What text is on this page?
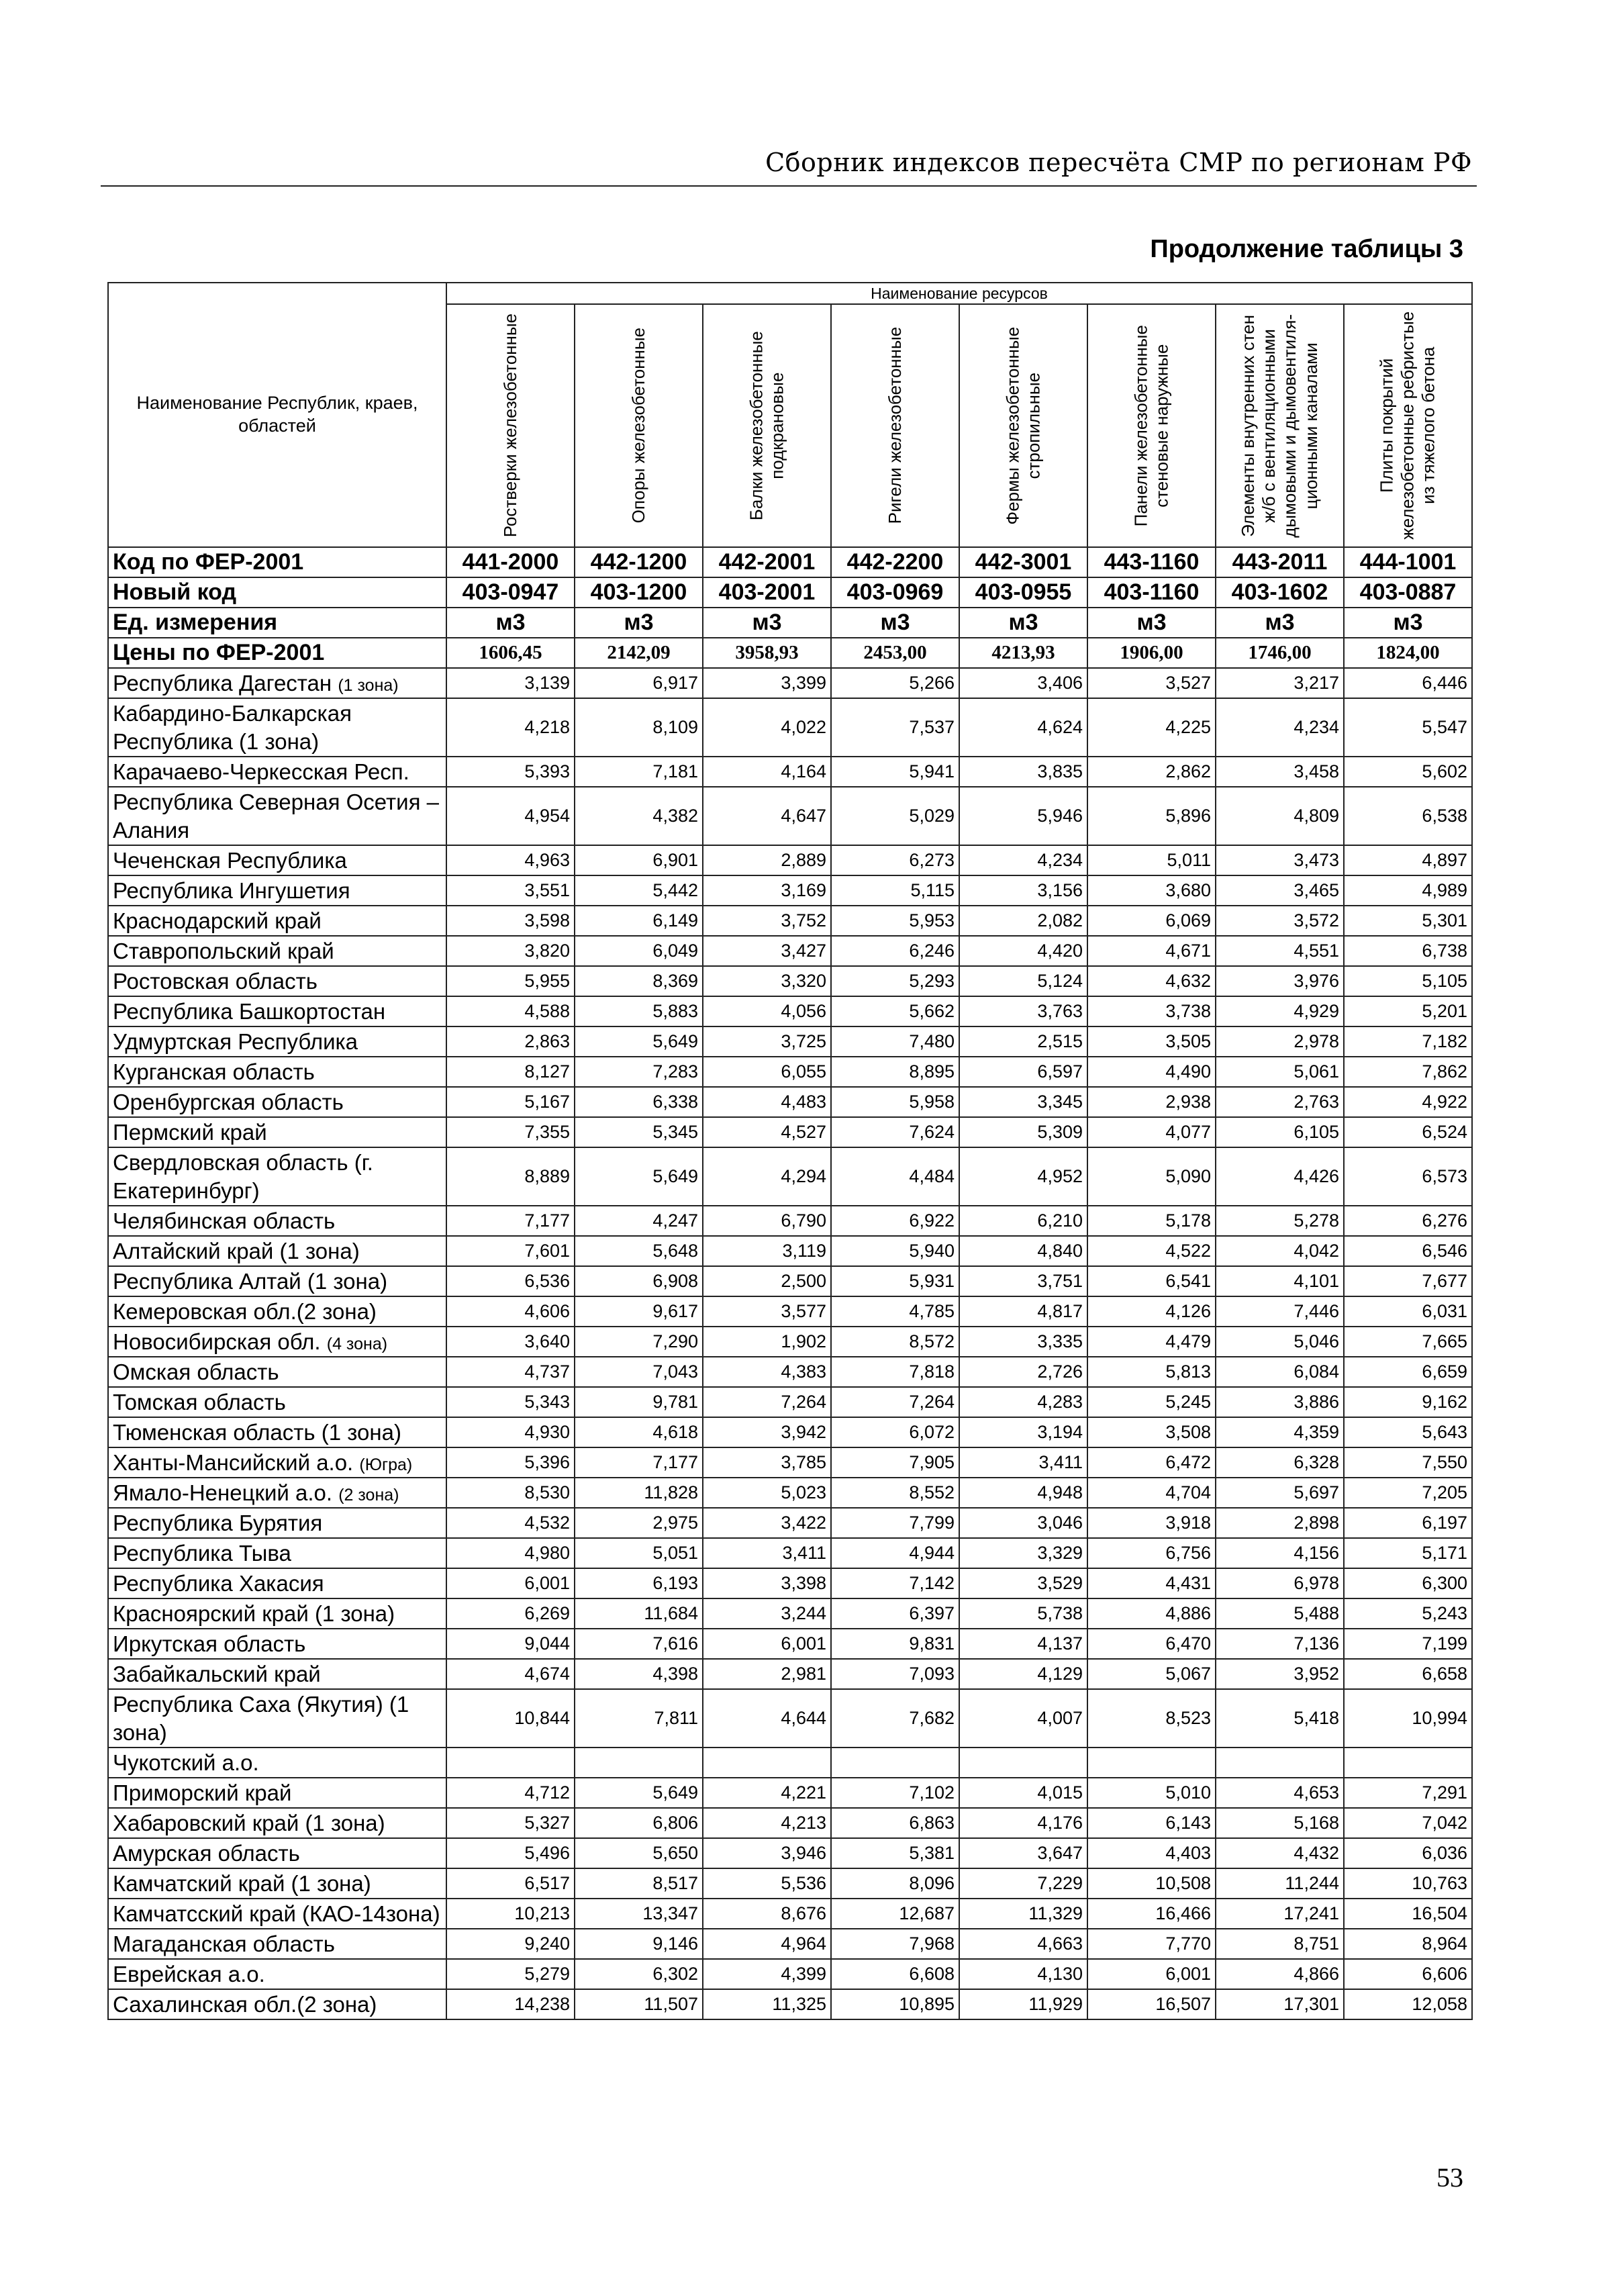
Сборник индексов пересчёта СМР по регионам РФ
Продолжение таблицы 3
Наименование Республик, краев, областей	Наименование ресурсов							

	Ростверки железобетонные	Опоры железобетонные	Балки железобетонные подкрановые	Ригели железобетонные	Фермы железобетонные стропильные	Панели железобетонные стеновые наружные	Элементы внутренних стен ж/б с вентиляционными дымовыми и дымовентиля-ционными каналами	Плиты покрытий железобетонные ребристые из тяжелого бетона

Код по ФЕР-2001	441-2000	442-1200	442-2001	442-2200	442-3001	443-1160	443-2011	444-1001
Новый код	403-0947	403-1200	403-2001	403-0969	403-0955	403-1160	403-1602	403-0887
Ед. измерения	м3	м3	м3	м3	м3	м3	м3	м3
Цены по ФЕР-2001	1606,45	2142,09	3958,93	2453,00	4213,93	1906,00	1746,00	1824,00
Республика Дагестан (1 зона)	3,139	6,917	3,399	5,266	3,406	3,527	3,217	6,446
Кабардино-Балкарская Республика (1 зона)	4,218	8,109	4,022	7,537	4,624	4,225	4,234	5,547
Карачаево-Черкесская Респ.	5,393	7,181	4,164	5,941	3,835	2,862	3,458	5,602
Республика Северная Осетия – Алания	4,954	4,382	4,647	5,029	5,946	5,896	4,809	6,538
Чеченская Республика	4,963	6,901	2,889	6,273	4,234	5,011	3,473	4,897
Республика Ингушетия	3,551	5,442	3,169	5,115	3,156	3,680	3,465	4,989
Краснодарский край	3,598	6,149	3,752	5,953	2,082	6,069	3,572	5,301
Ставропольский край	3,820	6,049	3,427	6,246	4,420	4,671	4,551	6,738
Ростовская область	5,955	8,369	3,320	5,293	5,124	4,632	3,976	5,105
Республика Башкортостан	4,588	5,883	4,056	5,662	3,763	3,738	4,929	5,201
Удмуртская Республика	2,863	5,649	3,725	7,480	2,515	3,505	2,978	7,182
Курганская область	8,127	7,283	6,055	8,895	6,597	4,490	5,061	7,862
Оренбургская область	5,167	6,338	4,483	5,958	3,345	2,938	2,763	4,922
Пермский край	7,355	5,345	4,527	7,624	5,309	4,077	6,105	6,524
Свердловская область (г. Екатеринбург)	8,889	5,649	4,294	4,484	4,952	5,090	4,426	6,573
Челябинская область	7,177	4,247	6,790	6,922	6,210	5,178	5,278	6,276
Алтайский край (1 зона)	7,601	5,648	3,119	5,940	4,840	4,522	4,042	6,546
Республика Алтай (1 зона)	6,536	6,908	2,500	5,931	3,751	6,541	4,101	7,677
Кемеровская обл.(2 зона)	4,606	9,617	3,577	4,785	4,817	4,126	7,446	6,031
Новосибирская обл. (4 зона)	3,640	7,290	1,902	8,572	3,335	4,479	5,046	7,665
Омская область	4,737	7,043	4,383	7,818	2,726	5,813	6,084	6,659
Томская область	5,343	9,781	7,264	7,264	4,283	5,245	3,886	9,162
Тюменская область (1 зона)	4,930	4,618	3,942	6,072	3,194	3,508	4,359	5,643
Ханты-Мансийский а.о. (Югра)	5,396	7,177	3,785	7,905	3,411	6,472	6,328	7,550
Ямало-Ненецкий а.о. (2 зона)	8,530	11,828	5,023	8,552	4,948	4,704	5,697	7,205
Республика Бурятия	4,532	2,975	3,422	7,799	3,046	3,918	2,898	6,197
Республика Тыва	4,980	5,051	3,411	4,944	3,329	6,756	4,156	5,171
Республика Хакасия	6,001	6,193	3,398	7,142	3,529	4,431	6,978	6,300
Красноярский край (1 зона)	6,269	11,684	3,244	6,397	5,738	4,886	5,488	5,243
Иркутская область	9,044	7,616	6,001	9,831	4,137	6,470	7,136	7,199
Забайкальский край	4,674	4,398	2,981	7,093	4,129	5,067	3,952	6,658
Республика Саха (Якутия) (1 зона)	10,844	7,811	4,644	7,682	4,007	8,523	5,418	10,994
Чукотский а.о.								
Приморский край	4,712	5,649	4,221	7,102	4,015	5,010	4,653	7,291
Хабаровский край (1 зона)	5,327	6,806	4,213	6,863	4,176	6,143	5,168	7,042
Амурская область	5,496	5,650	3,946	5,381	3,647	4,403	4,432	6,036
Камчатский край (1 зона)	6,517	8,517	5,536	8,096	7,229	10,508	11,244	10,763
Камчатсский край (КАО-14зона)	10,213	13,347	8,676	12,687	11,329	16,466	17,241	16,504
Магаданская область	9,240	9,146	4,964	7,968	4,663	7,770	8,751	8,964
Еврейская а.о.	5,279	6,302	4,399	6,608	4,130	6,001	4,866	6,606
Сахалинская обл.(2 зона)	14,238	11,507	11,325	10,895	11,929	16,507	17,301	12,058
53
